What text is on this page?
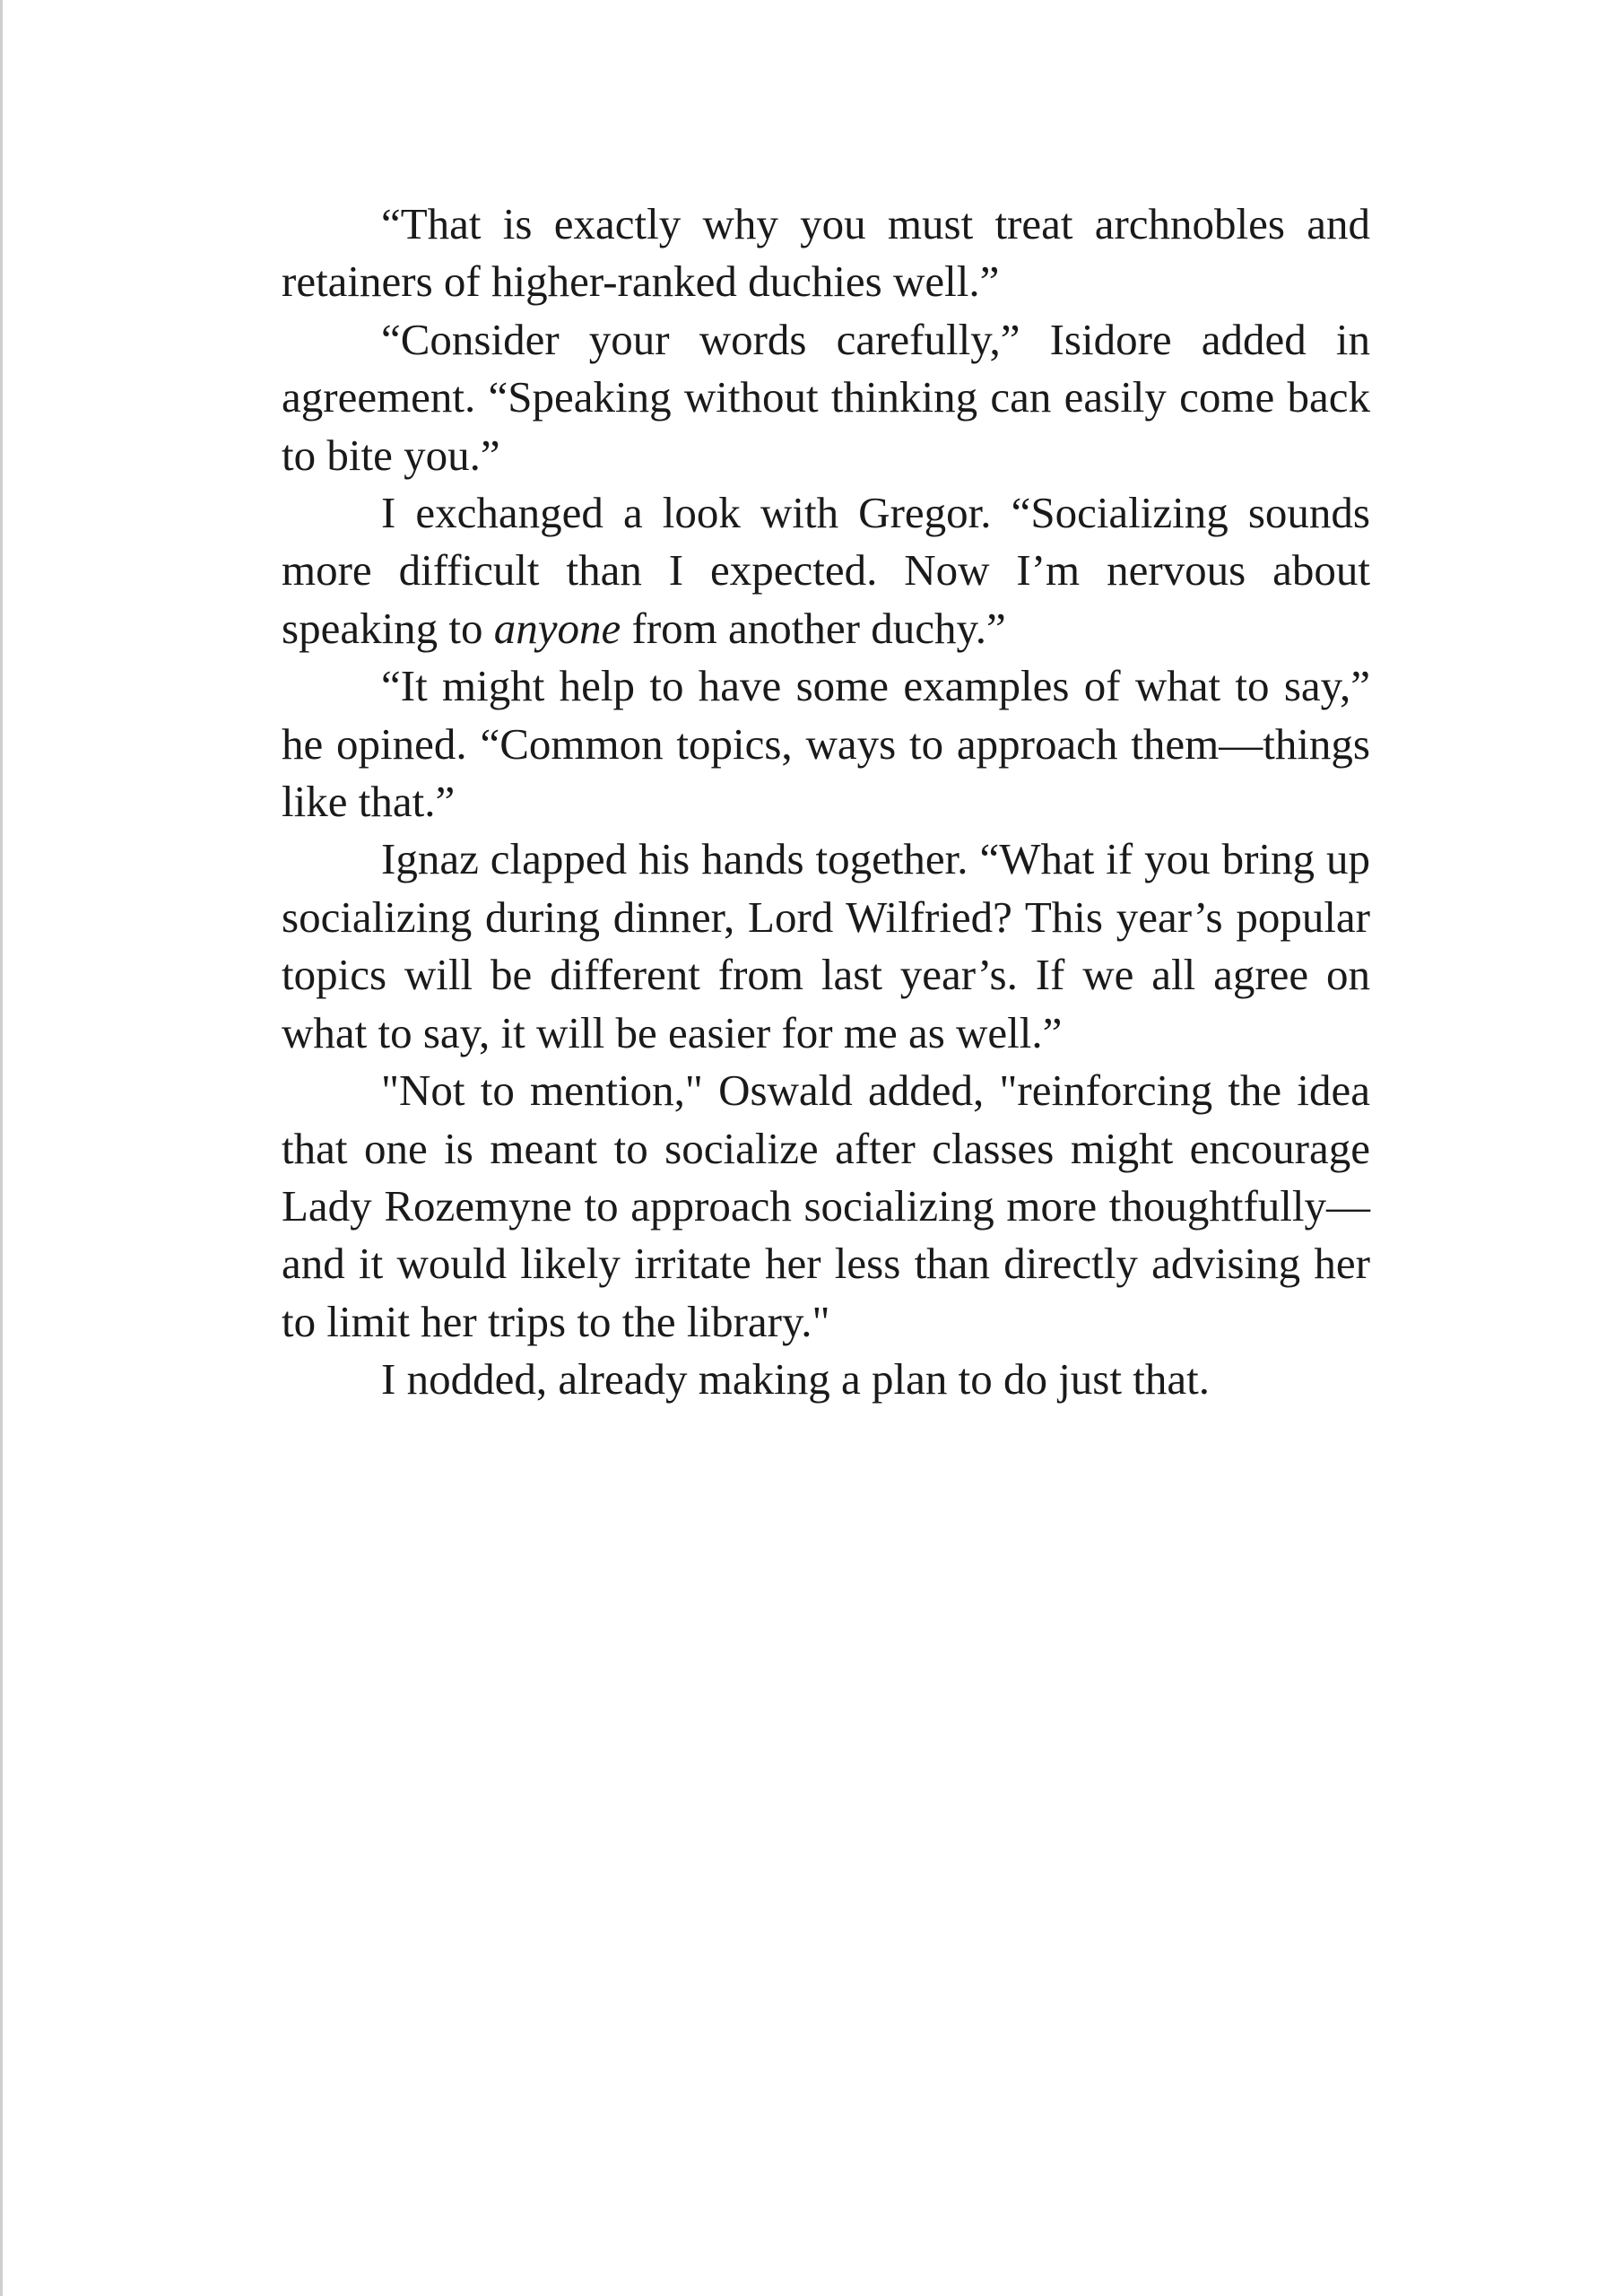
“That is exactly why you must treat archnobles and retainers of higher-ranked duchies well.”

“Consider your words carefully,” Isidore added in agreement. “Speaking without thinking can easily come back to bite you.”

I exchanged a look with Gregor. “Socializing sounds more difficult than I expected. Now I’m nervous about speaking to anyone from another duchy.”

“It might help to have some examples of what to say,” he opined. “Common topics, ways to approach them—things like that.”

Ignaz clapped his hands together. “What if you bring up socializing during dinner, Lord Wilfried? This year’s popular topics will be different from last year’s. If we all agree on what to say, it will be easier for me as well.”

"Not to mention," Oswald added, "reinforcing the idea that one is meant to socialize after classes might encourage Lady Rozemyne to approach socializing more thoughtfully—and it would likely irritate her less than directly advising her to limit her trips to the library."

I nodded, already making a plan to do just that.
